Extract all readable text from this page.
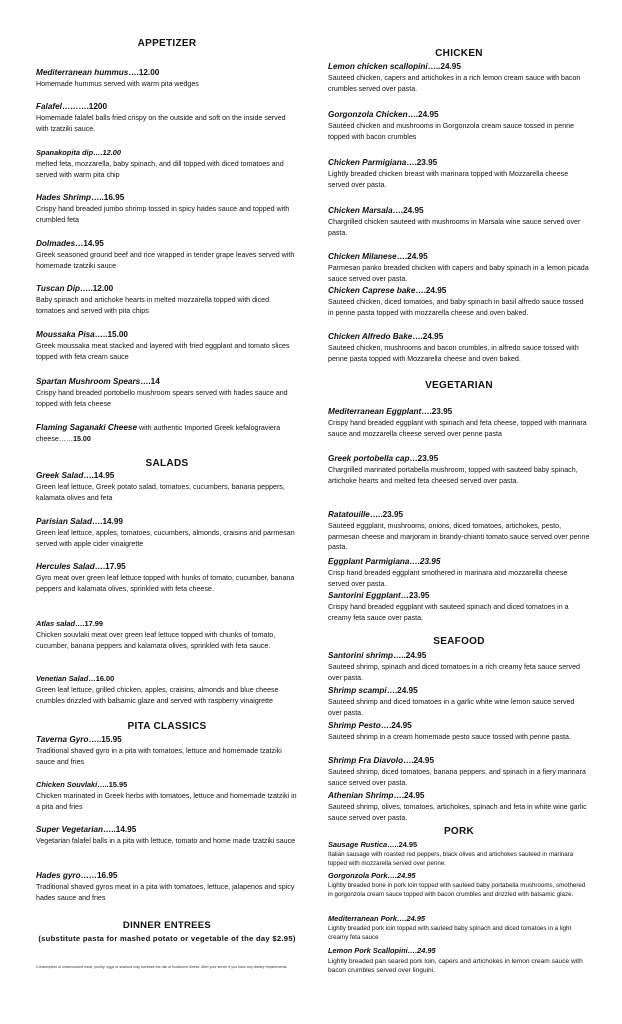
APPETIZER
Mediterranean hummus….12.00
Homemade hummus served with warm pita wedges
Falafel……….1200
Homemade falafel balls fried crispy on the outside and soft on the inside served with tzatziki sauce.
Spanakopita dip….12.00
melted feta, mozzarella, baby spinach, and dill topped with diced tomatoes and served with warm pita chip
Hades Shrimp…..16.95
Crispy hand breaded jumbo shrimp tossed in spicy hades sauce and topped with crumbled feta
Dolmades…14.95
Greek seasoned ground beef and rice wrapped in tender grape leaves served with homemade tzatziki sauce
Tuscan Dip…..12.00
Baby spinach and artichoke hearts in melted mozzarella topped with diced tomatoes and served with pita chips
Moussaka Pisa…..15.00
Greek moussaka meat stacked and layered with fried eggplant and tomato slices topped with feta cream sauce
Spartan Mushroom Spears….14
Crispy hand breaded portobello mushroom spears served with hades sauce and topped with feta cheese
Flaming Saganaki Cheese with authentic Imported Greek kefalograviera cheese……15.00
SALADS
Greek Salad….14.95
Green leaf lettuce, Greek potato salad, tomatoes, cucumbers, banana peppers, kalamata olives and feta
Parisian Salad….14.99
Green leaf lettuce, apples, tomatoes, cucumbers, almonds, craisins and parmesan served with apple cider vinaigrette
Hercules Salad….17.95
Gyro meat over green leaf lettuce topped with hunks of tomato, cucumber, banana peppers and kalamata olives, sprinkled with feta cheese.
Atlas salad….17.99
Chicken souvlaki meat over green leaf lettuce topped with chunks of tomato, cucumber, banana peppers and kalamata olives, sprinkled with feta sauce.
Venetian Salad…16.00
Green leaf lettuce, grilled chicken, apples, craisins, almonds and blue cheese crumbles drizzled with balsamic glaze and served with raspberry vinaigrette
PITA CLASSICS
Taverna Gyro…..15.95
Traditional shaved gyro in a pita with tomatoes, lettuce and homemade tzatziki sauce and fries
Chicken Souvlaki…..15.95
Chicken marinated in Greek herbs with tomatoes, lettuce and homemade tzatziki in a pita and fries
Super Vegetarian…..14.95
Vegetarian falafel balls in a pita with lettuce, tomato and home made tzatziki sauce
Hades gyro……16.95
Traditional shaved gyros meat in a pita with tomatoes, lettuce, jalapenos and spicy hades sauce and fries
DINNER ENTREES
(substitute pasta for mashed potato or vegetable of the day $2.95)
Consumption of undercooked meat, poultry, eggs or seafood may increase the risk of foodborne illness. Alert your server if you have any dietary requirements.
CHICKEN
Lemon chicken scallopini…..24.95
Sauteed chicken, capers and artichokes in a rich lemon cream sauce with bacon crumbles served over pasta.
Gorgonzola Chicken….24.95
Sautéed chicken and mushrooms in Gorgonzola cream sauce tossed in penne topped with bacon crumbles
Chicken Parmigiana….23.95
Lightly breaded chicken breast with marinara topped with Mozzarella cheese served over pasta.
Chicken Marsala….24.95
Chargrilled chicken sauteed with mushrooms in Marsala wine sauce served over pasta.
Chicken Milanese….24.95
Parmesan panko breaded chicken with capers and baby spinach in a lemon picada sauce served over pasta.
Chicken Caprese bake….24.95
Sauteed chicken, diced tomatoes, and baby spinach in basil alfredo sauce tossed in penne pasta topped with mozzarella cheese and oven baked.
Chicken Alfredo Bake….24.95
Sauteed chicken, mushrooms and bacon crumbles, in alfredo sauce tossed with penne pasta topped with Mozzarella cheese and oven baked.
VEGETARIAN
Mediterranean Eggplant….23.95
Crispy hand breaded eggplant with spinach and feta cheese, topped with marinara sauce and mozzarella cheese served over penne pasta
Greek portobella cap…23.95
Chargrilled marinated portabella mushroom, topped with sauteed baby spinach, artichoke hearts and melted feta cheesed served over pasta.
Ratatouille…..23.95
Sauteed eggplant, mushrooms, onions, diced tomatoes, artichokes, pesto, parmesan cheese and marjoram in brandy-chianti tomato sauce served over penne pasta.
Eggplant Parmigiana….23.95
Crisp hand breaded eggplant smothered in marinara and mozzarella cheese served over pasta.
Santorini Eggplant…23.95
Crispy hand breaded eggplant with sauteed spinach and diced tomatoes in a creamy feta sauce over pasta.
SEAFOOD
Santorini shrimp…..24.95
Sauteed shrimp, spinach and diced tomatoes in a rich creamy feta sauce served over pasta.
Shrimp scampi….24.95
Sauteed shrimp and diced tomatoes in a garlic white wine lemon sauce served over pasta.
Shrimp Pesto….24.95
Sauteed shrimp in a cream homemade pesto sauce tossed with penne pasta.
Shrimp Fra Diavolo….24.95
Sauteed shrimp, diced tomatoes, banana peppers, and spinach in a fiery marinara sauce served over pasta.
Athenian Shrimp….24.95
Sauteed shrimp, olives, tomatoes, artichokes, spinach and feta in white wine garlic sauce served over pasta.
PORK
Sausage Rustica…..24.95
Italian sausage with roasted red peppers, black olives and artichokes sauteed in marinara topped with mozzarella served over penne.
Gorgonzola Pork….24.95
Lightly breaded bone in pork loin topped with sauteed baby portabella mushrooms, smothered in gorgonzola cream sauce topped with bacon crumbles and drizzled with balsamic glaze.
Mediterranean Pork….24.95
Lightly breaded pork loin topped with sauteed baby spinach and diced tomatoes in a light creamy feta sauce
Lemon Pork Scallopini….24.95
Lightly breaded pan seared pork loin, capers and artichokes in lemon cream sauce with bacon crumbles served over linguini.
